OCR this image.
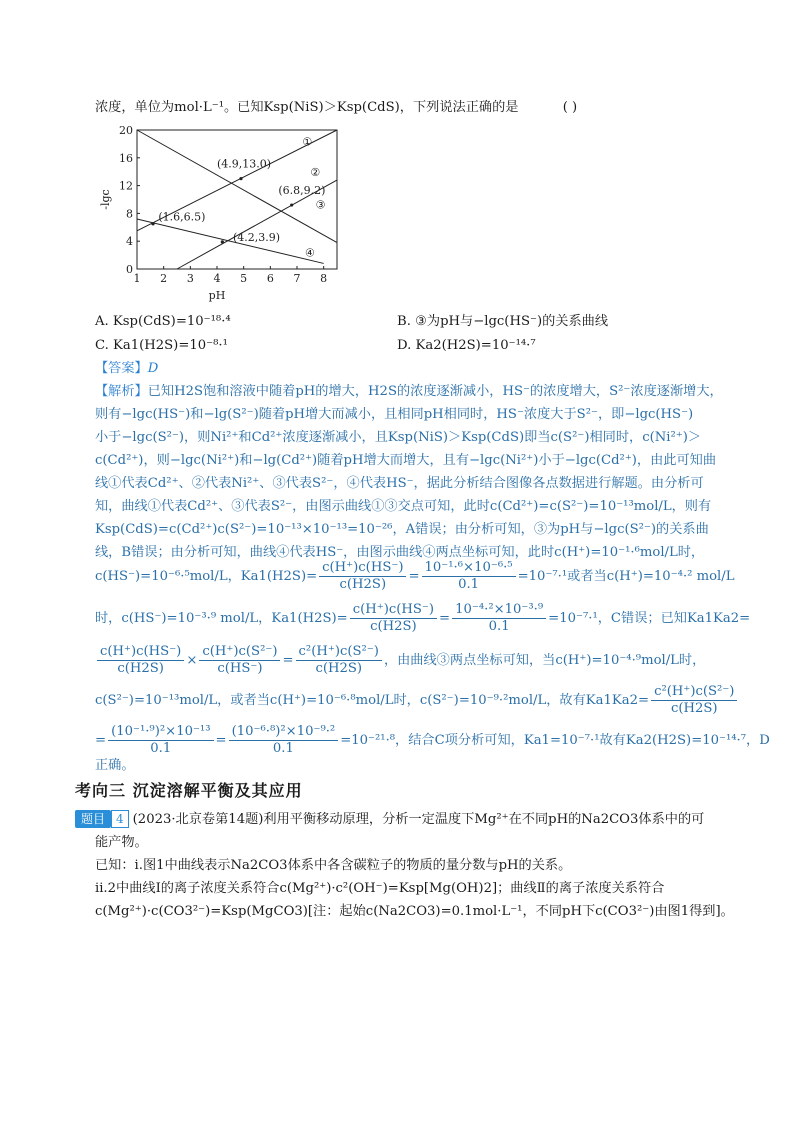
浓度，单位为mol·L⁻¹。已知Ksp(NiS)＞Ksp(CdS)，下列说法正确的是	( )
1 2 3 4 5 6 7 8
0
4
8
12
16
20
pH
-lgc
(4.9,13.0)
(6.8,9.2)
(1.6,6.5)
(4.2,3.9)
①
②
③
④
A. Ksp(CdS)=10⁻¹⁸·⁴	B. ③为pH与−lgc(HS⁻)的关系曲线
C. Ka1(H2S)=10⁻⁸·¹	D. Ka2(H2S)=10⁻¹⁴·⁷
【答案】D
【解析】已知H2S饱和溶液中随着pH的增大，H2S的浓度逐渐减小，HS⁻的浓度增大，S²⁻浓度逐渐增大，
则有−lgc(HS⁻)和−lg(S²⁻)随着pH增大而减小，且相同pH相同时，HS⁻浓度大于S²⁻，即−lgc(HS⁻)
小于−lgc(S²⁻)，则Ni²⁺和Cd²⁺浓度逐渐减小，且Ksp(NiS)＞Ksp(CdS)即当c(S²⁻)相同时，c(Ni²⁺)＞
c(Cd²⁺)，则−lgc(Ni²⁺)和−lg(Cd²⁺)随着pH增大而增大，且有−lgc(Ni²⁺)小于−lgc(Cd²⁺)，由此可知曲
线①代表Cd²⁺、②代表Ni²⁺、③代表S²⁻，④代表HS⁻，据此分析结合图像各点数据进行解题。由分析可
知，曲线①代表Cd²⁺、③代表S²⁻，由图示曲线①③交点可知，此时c(Cd²⁺)=c(S²⁻)=10⁻¹³mol/L，则有
Ksp(CdS)=c(Cd²⁺)c(S²⁻)=10⁻¹³×10⁻¹³=10⁻²⁶，A错误；由分析可知，③为pH与−lgc(S²⁻)的关系曲
线，B错误；由分析可知，曲线④代表HS⁻，由图示曲线④两点坐标可知，此时c(H⁺)=10⁻¹·⁶mol/L时，
c(HS⁻)=10⁻⁶·⁵mol/L，$Ka1(H2S)= \frac{c(H^+)c(HS^-)}{c(H2S)} = \frac{\text{10⁻¹·⁶×10⁻⁶·⁵}}{0.1} =10^{-7}\cdot^1$或者当c(H⁺)=10⁻⁴·² mol/L
时，c(HS⁻)=10⁻³·⁹ mol/L，$Ka1(H2S)= \frac{c(H^+)c(HS^-)}{c(H2S)} = \frac{\text{10⁻⁴·²×10⁻³·⁹}}{0.1} =10^{-7}\cdot^1$，C错误；已知Ka1Ka2=
$\frac{c(H^+)c(HS^-)}{c(H2S)} \times \frac{\text{c(H⁺)c(S²⁻)}}{c(HS^-)} = \frac{\text{c²(H⁺)c(S²⁻)}}{c(H2S)}$ ，由曲线③两点坐标可知，当c(H⁺)=10⁻⁴·⁹mol/L时，
c(S²⁻)=10⁻¹³mol/L，或者当c(H⁺)=10⁻⁶·⁸mol/L时，c(S²⁻)=10⁻⁹·²mol/L，故有$Ka1Ka2= \frac{\text{c²(H⁺)c(S²⁻)}}{c(H2S)}$
= $\frac{\text{(10⁻¹·⁹)²×10⁻¹³}}{0.1} = \frac{\text{(10⁻⁶·⁸)²×10⁻⁹·²}}{0.1} =10^{-21}\cdot^8$，结合C项分析可知，Ka1=10⁻⁷·¹故有Ka2(H2S)=10⁻¹⁴·⁷，D
正确。
考向三 沉淀溶解平衡及其应用
题目 4 (2023·北京卷第14题)利用平衡移动原理，分析一定温度下Mg²⁺在不同pH的Na2CO3体系中的可
能产物。
已知：i.图1中曲线表示Na2CO3体系中各含碳粒子的物质的量分数与pH的关系。
ii.2中曲线Ⅰ的离子浓度关系符合c(Mg²⁺)·c²(OH⁻)=Ksp[Mg(OH)2]；曲线Ⅱ的离子浓度关系符合
c(Mg²⁺)·c(CO3²⁻)=Ksp(MgCO3)[注：起始c(Na2CO3)=0.1mol·L⁻¹，不同pH下c(CO3²⁻)由图1得到]。
